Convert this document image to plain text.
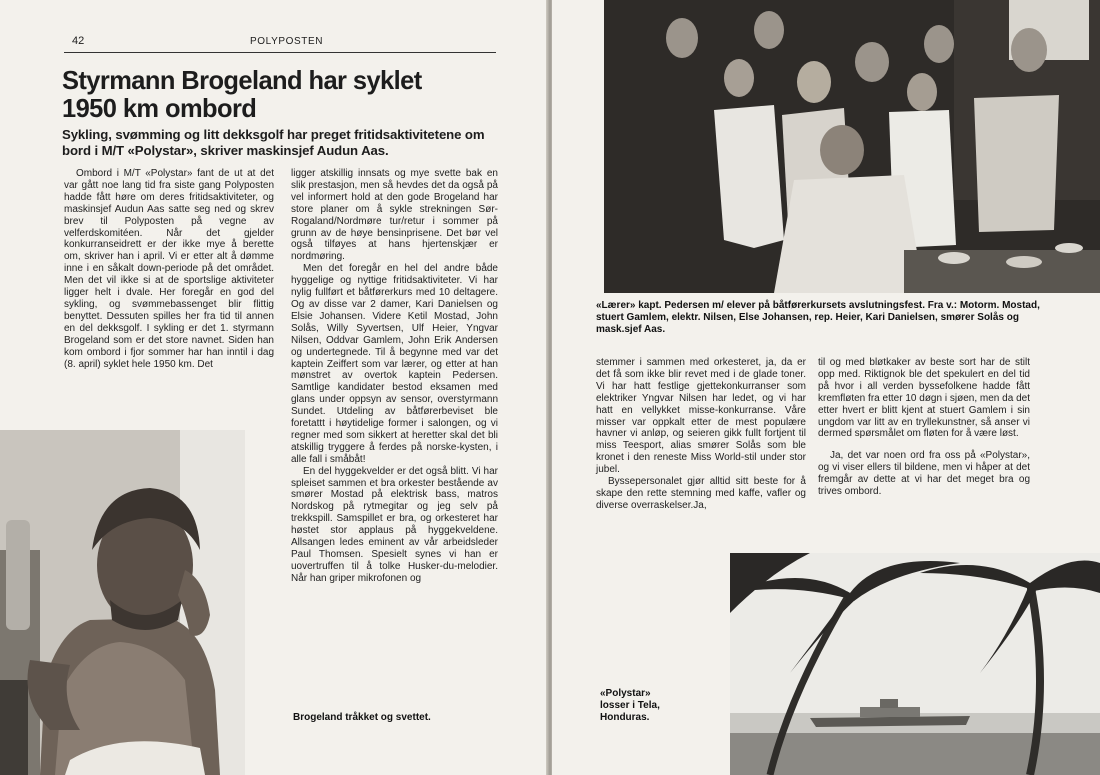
42	POLYPOSTEN
Styrmann Brogeland har syklet
1950 km ombord

Sykling, svømming og litt dekksgolf har preget fritidsaktivitetene om bord i M/T «Polystar», skriver maskinsjef Audun Aas.

Ombord i M/T «Polystar» fant de ut at det var gått noe lang tid fra siste gang Polyposten hadde fått høre om deres fritidsaktiviteter, og maskinsjef Audun Aas satte seg ned og skrev brev til Polyposten på vegne av velferdskomitéen. Når det gjelder konkurranseidrett er der ikke mye å berette om, skriver han i april. Vi er etter alt å dømme inne i en såkalt down-periode på det området. Men det vil ikke si at de sportslige aktiviteter ligger helt i dvale. Her foregår en god del sykling, og svømmebassenget blir flittig benyttet. Dessuten spilles her fra tid til annen en del dekksgolf. I sykling er det 1. styrmann Brogeland som er det store navnet. Siden han kom ombord i fjor sommer har han inntil i dag (8. april) syklet hele 1950 km. Det

ligger atskillig innsats og mye svette bak en slik prestasjon, men så hevdes det da også på vel informert hold at den gode Brogeland har store planer om å sykle strekningen Sør-Rogaland/Nordmøre tur/retur i sommer på grunn av de høye bensinprisene. Det bør vel også tilføyes at hans hjertenskjær er nordmøring.

Men det foregår en hel del andre både hyggelige og nyttige fritidsaktiviteter. Vi har nylig fullført et båtførerkurs med 10 deltagere. Og av disse var 2 damer, Kari Danielsen og Elsie Johansen. Videre Ketil Mostad, John Solås, Willy Syvertsen, Ulf Heier, Yngvar Nilsen, Oddvar Gamlem, John Erik Andersen og undertegnede. Til å begynne med var det kaptein Zeiffert som var lærer, og etter at han mønstret av overtok kaptein Pedersen. Samtlige kandidater bestod eksamen med glans under oppsyn av sensor, overstyrmann Sundet. Utdeling av båtførerbeviset ble foretattt i høytidelige former i salongen, og vi regner med som sikkert at heretter skal det bli atskillig tryggere å ferdes på norske-kysten, i alle fall i småbåt!

En del hyggekvelder er det også blitt. Vi har spleiset sammen et bra orkester bestående av smører Mostad på elektrisk bass, matros Nordskog på rytmegitar og jeg selv på trekkspill. Samspillet er bra, og orkesteret har høstet stor applaus på hyggekveldene. Allsangen ledes eminent av vår arbeidsleder Paul Thomsen. Spesielt synes vi han er uovertruffen til å tolke Husker-du-melodier. Når han griper mikrofonen og

Brogeland tråkket og svettet.

«Lærer» kapt. Pedersen m/ elever på båtførerkursets avslutningsfest. Fra v.: Motorm. Mostad, stuert Gamlem, elektr. Nilsen, Else Johansen, rep. Heier, Kari Danielsen, smører Solås og mask.sjef Aas.

stemmer i sammen med orkesteret, ja, da er det få som ikke blir revet med i de glade toner. Vi har hatt festlige gjettekonkurranser som elektriker Yngvar Nilsen har ledet, og vi har hatt en vellykket misse-konkurranse. Våre misser var oppkalt etter de mest populære havner vi anløp, og seieren gikk fullt fortjent til miss Teesport, alias smører Solås som ble kronet i den reneste Miss World-stil under stor jubel.

Byssepersonalet gjør alltid sitt beste for å skape den rette stemning med kaffe, vafler og diverse overraskelser.Ja,

til og med bløtkaker av beste sort har de stilt opp med. Riktignok ble det spekulert en del tid på hvor i all verden byssefolkene hadde fått kremfløten fra etter 10 døgn i sjøen, men da det etter hvert er blitt kjent at stuert Gamlem i sin ungdom var litt av en tryllekunstner, så anser vi dermed spørsmålet om fløten for å være løst.

Ja, det var noen ord fra oss på «Polystar», og vi viser ellers til bildene, men vi håper at det fremgår av dette at vi har det meget bra og trives ombord.

«Polystar»
losser i Tela,
Honduras.
